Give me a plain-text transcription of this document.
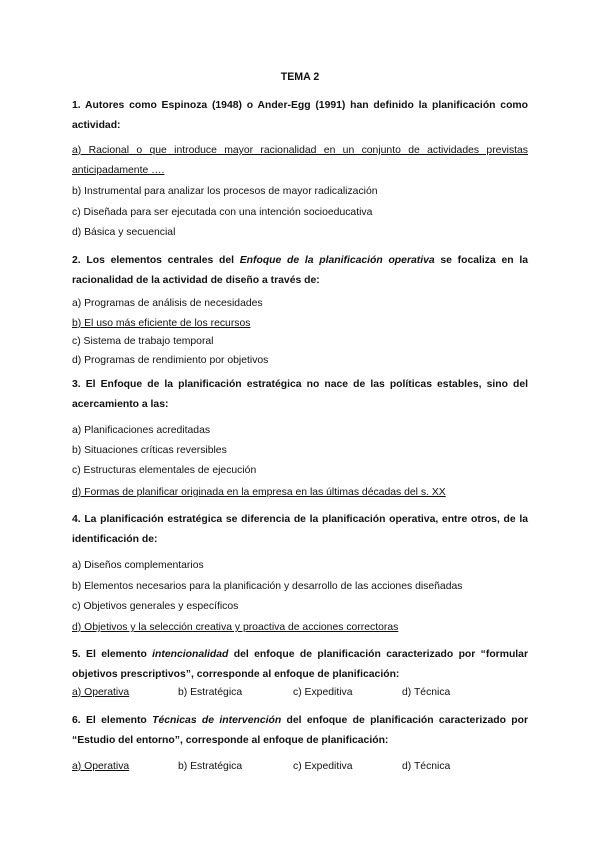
TEMA 2
1. Autores como Espinoza (1948) o Ander-Egg (1991) han definido la planificación como actividad:
a) Racional o que introduce mayor racionalidad en un conjunto de actividades previstas anticipadamente ….
b) Instrumental para analizar los procesos de mayor radicalización
c) Diseñada para ser ejecutada con una intención socioeducativa
d) Básica y secuencial
2. Los elementos centrales del Enfoque de la planificación operativa se focaliza en la racionalidad de la actividad de diseño a través de:
a) Programas de análisis de necesidades
b) El uso más eficiente de los recursos
c) Sistema de trabajo temporal
d) Programas de rendimiento por objetivos
3. El Enfoque de la planificación estratégica no nace de las políticas estables, sino del acercamiento a las:
a) Planificaciones acreditadas
b) Situaciones críticas reversibles
c) Estructuras elementales de ejecución
d) Formas de planificar originada en la empresa en las últimas décadas del s. XX
4. La planificación estratégica se diferencia de la planificación operativa, entre otros, de la identificación de:
a) Diseños complementarios
b) Elementos necesarios para la planificación y desarrollo de las acciones diseñadas
c) Objetivos generales y específicos
d) Objetivos y la selección creativa y proactiva de acciones correctoras
5. El elemento intencionalidad del enfoque de planificación caracterizado por “formular objetivos prescriptivos”, corresponde al enfoque de planificación:
a) Operativa	b) Estratégica	c) Expeditiva	d) Técnica
6. El elemento Técnicas de intervención del enfoque de planificación caracterizado por “Estudio del entorno”, corresponde al enfoque de planificación:
a) Operativa	b) Estratégica	c) Expeditiva	d) Técnica
